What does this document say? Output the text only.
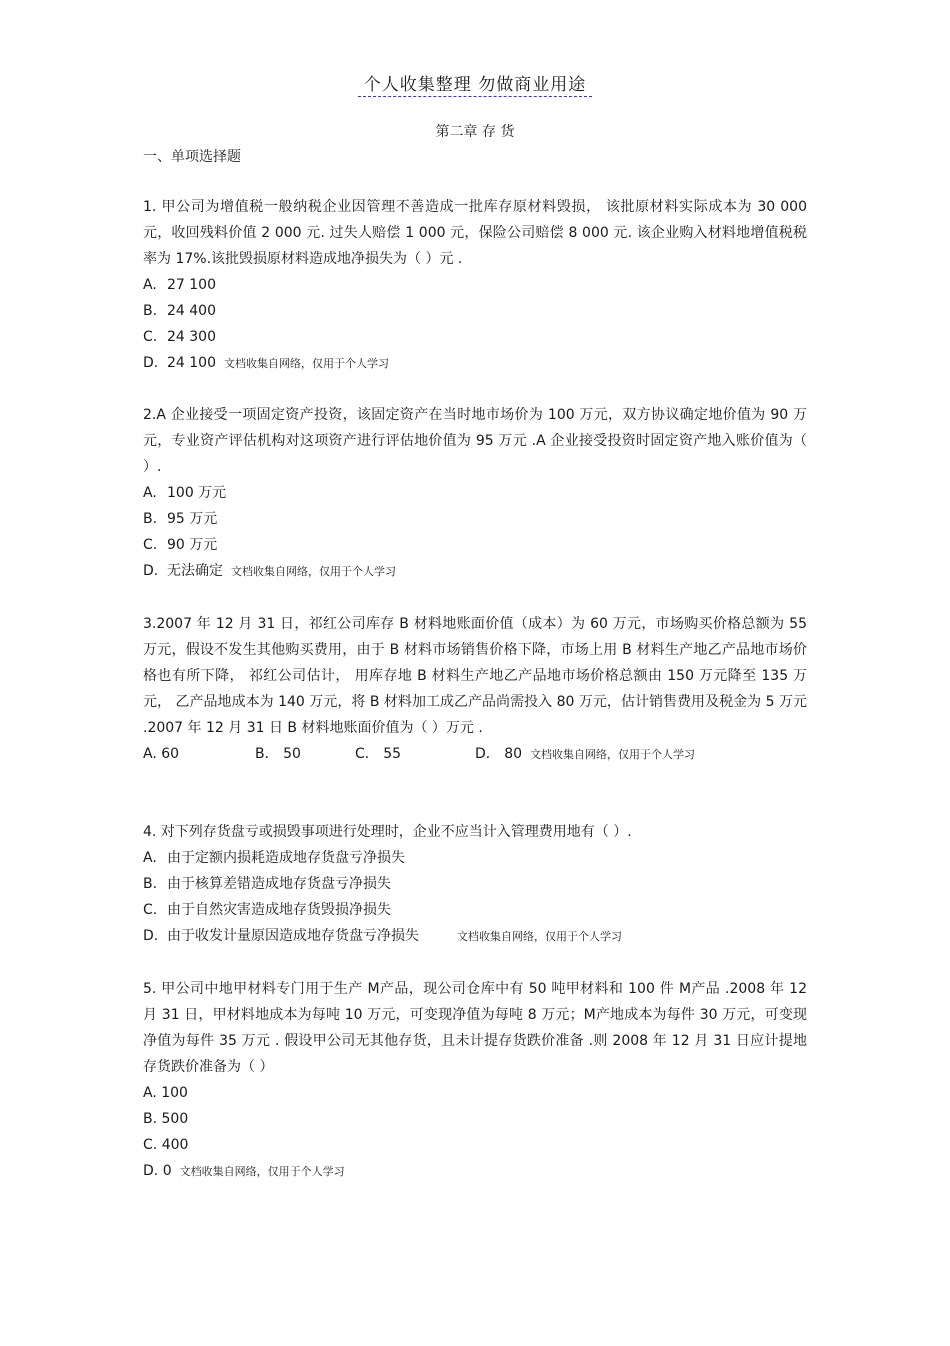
个人收集整理 勿做商业用途
第二章 存 货
一、单项选择题

1. 甲公司为增值税一般纳税企业因管理不善造成一批库存原材料毁损， 该批原材料实际成本为 30 000 元，收回残料价值 2 000 元. 过失人赔偿 1 000 元，保险公司赔偿 8 000 元. 该企业购入材料地增值税税率为 17%.该批毁损原材料造成地净损失为（ ）元 .

A. 27 100
B. 24 400
C. 24 300
D. 24 100 文档收集自网络，仅用于个人学习

2.A 企业接受一项固定资产投资，该固定资产在当时地市场价为 100 万元，双方协议确定地价值为 90 万元，专业资产评估机构对这项资产进行评估地价值为 95 万元 .A 企业接受投资时固定资产地入账价值为（ ）.

A. 100 万元
B. 95 万元
C. 90 万元
D. 无法确定 文档收集自网络，仅用于个人学习

3.2007 年 12 月 31 日，祁红公司库存 B 材料地账面价值（成本）为 60 万元，市场购买价格总额为 55 万元，假设不发生其他购买费用，由于 B 材料市场销售价格下降，市场上用 B 材料生产地乙产品地市场价格也有所下降， 祁红公司估计， 用库存地 B 材料生产地乙产品地市场价格总额由 150 万元降至 135 万元， 乙产品地成本为 140 万元，将 B 材料加工成乙产品尚需投入 80 万元，估计销售费用及税金为 5 万元 .2007 年 12 月 31 日 B 材料地账面价值为（ ）万元 .

A. 60	B． 50	C． 55	D． 80 文档收集自网络，仅用于个人学习

4. 对下列存货盘亏或损毁事项进行处理时，企业不应当计入管理费用地有（ ）.

A. 由于定额内损耗造成地存货盘亏净损失
B. 由于核算差错造成地存货盘亏净损失
C. 由于自然灾害造成地存货毁损净损失
D. 由于收发计量原因造成地存货盘亏净损失	文档收集自网络，仅用于个人学习

5. 甲公司中地甲材料专门用于生产 M产品，现公司仓库中有 50 吨甲材料和 100 件 M产品 .2008 年 12 月 31 日，甲材料地成本为每吨 10 万元，可变现净值为每吨 8 万元；M产地成本为每件 30 万元，可变现净值为每件 35 万元 . 假设甲公司无其他存货，且未计提存货跌价准备 .则 2008 年 12 月 31 日应计提地存货跌价准备为（ ）

A. 100
B. 500
C. 400
D. 0 文档收集自网络，仅用于个人学习
